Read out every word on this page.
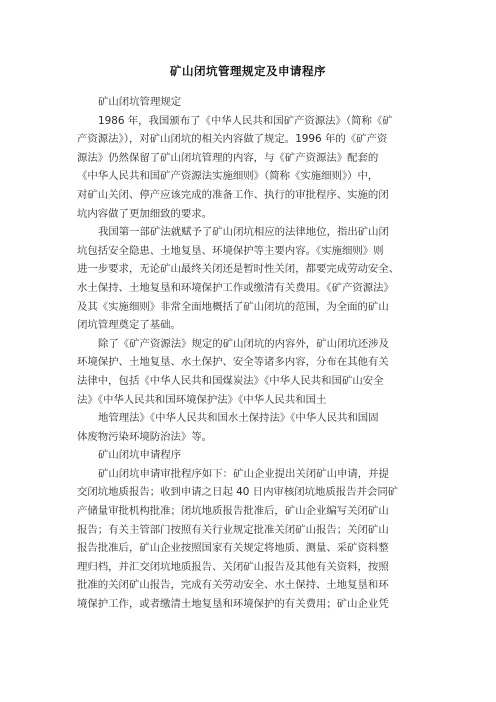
矿山闭坑管理规定及申请程序
矿山闭坑管理规定
1986 年，我国颁布了《中华人民共和国矿产资源法》（简称《矿
产资源法》），对矿山闭坑的相关内容做了规定。1996 年的《矿产资
源法》仍然保留了矿山闭坑管理的内容，与《矿产资源法》配套的
《中华人民共和国矿产资源法实施细则》（简称《实施细则》）中，
对矿山关闭、停产应该完成的准备工作、执行的审批程序、实施的闭
坑内容做了更加细致的要求。
我国第一部矿法就赋予了矿山闭坑相应的法律地位，指出矿山闭
坑包括安全隐患、土地复垦、环境保护等主要内容。《实施细则》则
进一步要求，无论矿山最终关闭还是暂时性关闭，都要完成劳动安全、
水土保持、土地复垦和环境保护工作或缴清有关费用。《矿产资源法》
及其《实施细则》非常全面地概括了矿山闭坑的范围，为全面的矿山
闭坑管理奠定了基础。
除了《矿产资源法》规定的矿山闭坑的内容外，矿山闭坑还涉及
环境保护、土地复垦、水土保护、安全等诸多内容，分布在其他有关
法律中，包括《中华人民共和国煤炭法》《中华人民共和国矿山安全
法》《中华人民共和国环境保护法》《中华人民共和国土
地管理法》《中华人民共和国水土保持法》《中华人民共和国固
体废物污染环境防治法》等。
矿山闭坑申请程序
矿山闭坑申请审批程序如下：矿山企业提出关闭矿山申请，并提
交闭坑地质报告；收到申请之日起 40 日内审核闭坑地质报告并会同矿
产储量审批机构批准；闭坑地质报告批准后，矿山企业编写关闭矿山
报告；有关主管部门按照有关行业规定批准关闭矿山报告；关闭矿山
报告批准后，矿山企业按照国家有关规定将地质、测量、采矿资料整
理归档，并汇交闭坑地质报告、关闭矿山报告及其他有关资料，按照
批准的关闭矿山报告，完成有关劳动安全、水土保持、土地复垦和环
境保护工作，或者缴清土地复垦和环境保护的有关费用；矿山企业凭
